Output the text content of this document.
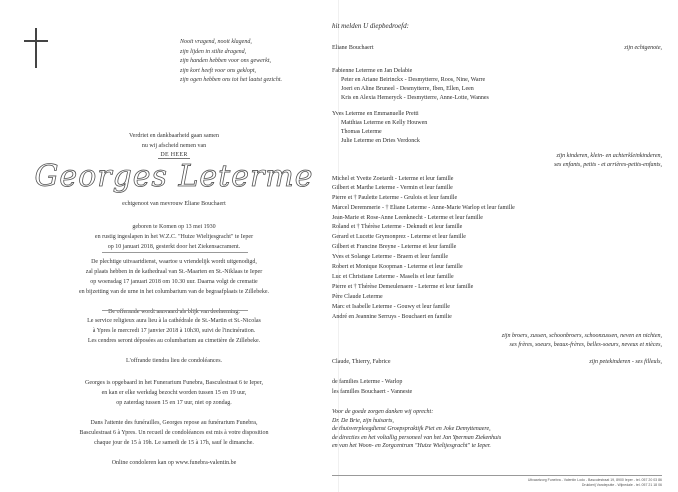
Nooit vragend, nooit klagend,
zijn lijden in stilte dragend,
zijn handen hebben voor ons gewerkt,
zijn kort heeft voor ons geklopt,
zijn ogen hebben ons tot het laatst gezicht.
Verdriet en dankbaarheid gaan samen
nu wij afscheid nemen van
DE HEER
Georges Leterme
echtgenoot van mevrouw Eliane Bouchaert
geboren te Komen op 13 mei 1930
en rustig ingeslapen in het W.Z.C. "Huize Wieltjesgracht" te Ieper
op 10 januari 2018, gesterkt door het Ziekensacrament.
De plechtige uitvaartdienst, waartoe u vriendelijk wordt uitgenodigd,
zal plaats hebben in de kathedraal van St.-Maarten en St.-Niklaas te Ieper
op woensdag 17 januari 2018 om 10.30 uur. Daarna volgt de crematie
en bijzetting van de urne in het columbarium van de begraafplaats te Zillebeke.

De offerande wordt aanvaard als blijk van deelneming.
Le service religieux aura lieu à la cathédrale de St.-Martin et St.-Nicolas
à Ypres le mercredi 17 janvier 2018 à 10h30, suivi de l'incinération.
Les cendres seront déposées au columbarium au cimetière de Zillebeke.

L'offrande tiendra lieu de condoléances.
Georges is opgebaard in het Funerarium Funebra, Basculestraat 6 te Ieper,
en kan er elke werkdag bezocht worden tussen 15 en 19 uur,
op zaterdag tussen 15 en 17 uur, niet op zondag.

Dans l'attente des funérailles, Georges repose au funérarium Funebra,
Basculestraat 6 à Ypres. Un recueil de condoléances est mis à votre disposition
chaque jour de 15 à 19h. Le samedi de 15 à 17h, sauf le dimanche.

Online condoleren kan op www.funebra-valentin.be
hit melden U diepbedroefd:
Eliane Bouchaert	zijn echtgenote,
Fabienne Leterme en Jan Delabie
Peter en Ariane Beirinckx - Desmytterre, Roos, Nine, Warre
Joeri en Aline Bruneel - Desmytterre, Iben, Ellen, Leen
Kris en Alexia Hemeryck - Desmytterre, Anne-Lotte, Wannes
Yves Leterme en Emmanuelle Pretti
Matthias Leterme en Kelly Houwen
Thomas Leterme
Julie Leterme en Dries Verdonck
Michel et Yvette Zoetardt - Leterme et leur famille
Gilbert et Marthe Leterme - Vermin et leur famille
Pierre et † Paulette Leterme - Grulois et leur famille
Marcel Deremmerie - † Eliane Leterme - Anne-Marie Warlop et leur famille
Jean-Marie et Rose-Anne Leenknecht - Leterme et leur famille
Roland et † Thérèse Leterme - Deknudt et leur famille
Gerard et Lucette Grymonprez - Leterme et leur famille
Gilbert et Francine Breyne - Leterme et leur famille
Yves et Solange Leterme - Braem et leur famille
Robert et Monique Koopman - Leterme et leur famille
Luc et Christiane Leterme - Maselis et leur famille
Pierre et † Thérèse Demeulenaere - Leterme et leur famille
Père Claude Leterme
Marc et Isabelle Leterme - Gouwy et leur famille
André en Jeannine Serruys - Bouchaert en familie
Claude, Thierry, Fabrice	zijn petekinderen - ses filleuls,
de families Leterme - Warlop
les familles Bouchaert - Vanneste
zijn kinderen, klein- en achterkleinkinderen,
ses enfants, petits - et arrières-petits-enfants,
zijn broers, zussen, schoonbroers, schoonzussen, neven en nichten,
ses frères, soeurs, beaux-frères, belles-soeurs, neveux et nièces,
Voor de goede zorgen danken wij oprecht:
Dr. De Brie, zijn huisarts,
de thuisverpleegdienst Groepspraktijk Piet en Joke Demyttenaere,
de directies en het voltallig personeel van het Jan Yperman Ziekenhuis
en van het Woon- en Zorgcentrum "Huize Wieltjesgracht" te Ieper.
Uitvaartzorg Funebra - Valentin Lodo - Basculestraat 19, 8900 Ieper - tel. 057 20 03 86
Drukkerij Vandeputte - Wijnedale - tel. 057 21 18 06
